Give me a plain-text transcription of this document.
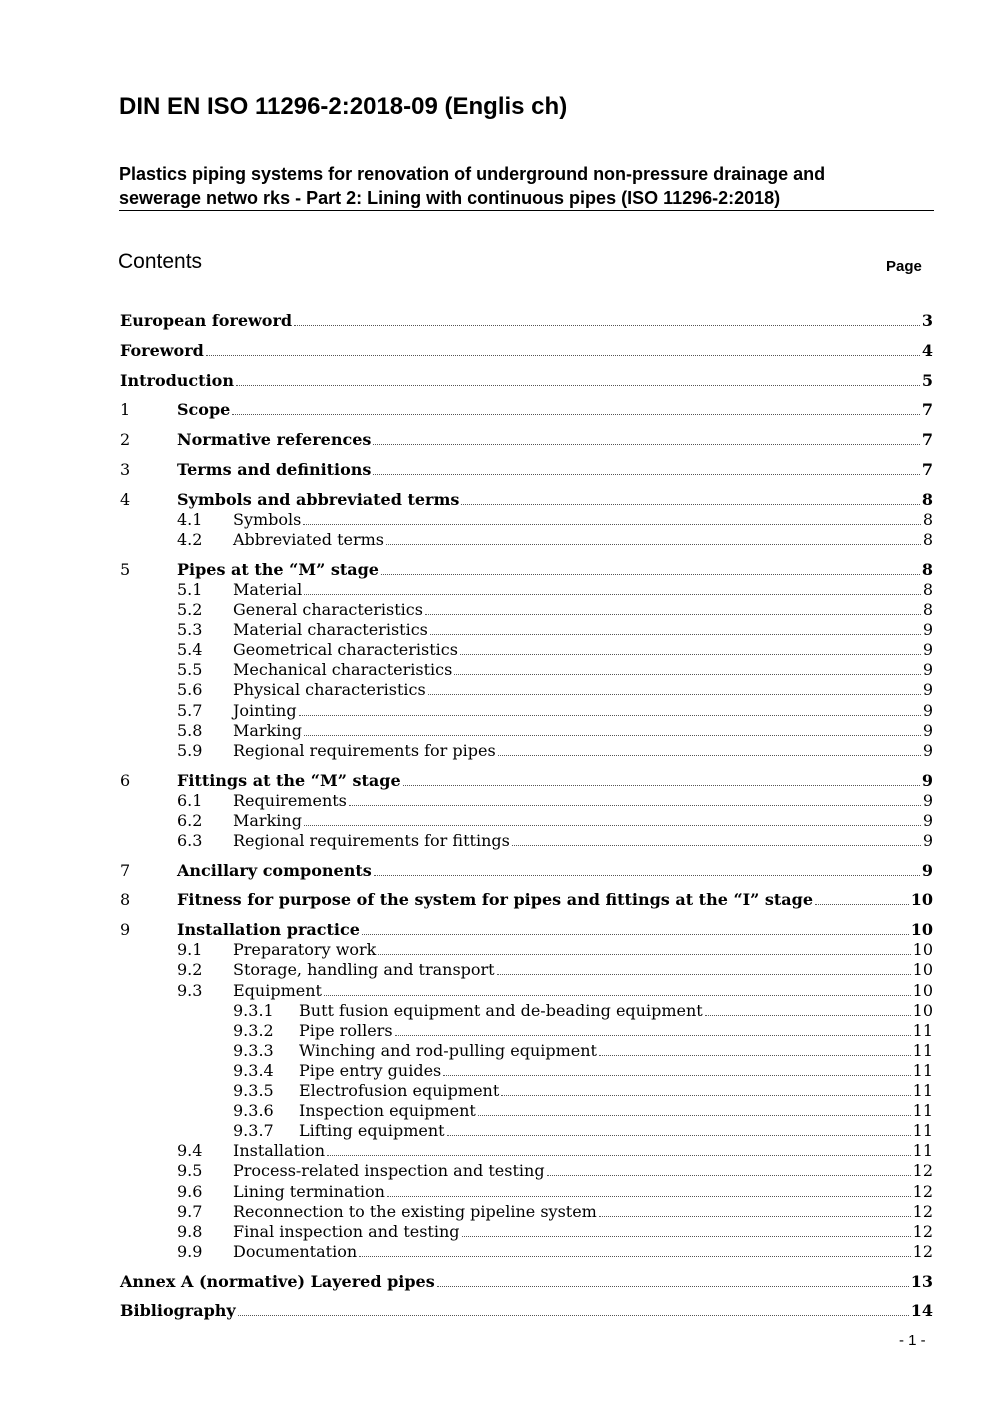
DIN EN ISO 11296-2:2018-09 (Englis ch)
Plastics piping systems for renovation of underground non-pressure drainage and
sewerage netwo rks - Part 2: Lining with continuous pipes (ISO 11296-2:2018)
Contents	Page
European foreword	3
Foreword	4
Introduction	5
1	Scope	7
2	Normative references	7
3	Terms and definitions	7
4	Symbols and abbreviated terms	8
4.1	Symbols	8
4.2	Abbreviated terms	8
5	Pipes at the “M” stage	8
5.1	Material	8
5.2	General characteristics	8
5.3	Material characteristics	9
5.4	Geometrical characteristics	9
5.5	Mechanical characteristics	9
5.6	Physical characteristics	9
5.7	Jointing	9
5.8	Marking	9
5.9	Regional requirements for pipes	9
6	Fittings at the “M” stage	9
6.1	Requirements	9
6.2	Marking	9
6.3	Regional requirements for fittings	9
7	Ancillary components	9
8	Fitness for purpose of the system for pipes and fittings at the “I” stage	10
9	Installation practice	10
9.1	Preparatory work	10
9.2	Storage, handling and transport	10
9.3	Equipment	10
9.3.1	Butt fusion equipment and de-beading equipment	10
9.3.2	Pipe rollers	11
9.3.3	Winching and rod-pulling equipment	11
9.3.4	Pipe entry guides	11
9.3.5	Electrofusion equipment	11
9.3.6	Inspection equipment	11
9.3.7	Lifting equipment	11
9.4	Installation	11
9.5	Process-related inspection and testing	12
9.6	Lining termination	12
9.7	Reconnection to the existing pipeline system	12
9.8	Final inspection and testing	12
9.9	Documentation	12
Annex A (normative) Layered pipes	13
Bibliography	14
- 1 -
